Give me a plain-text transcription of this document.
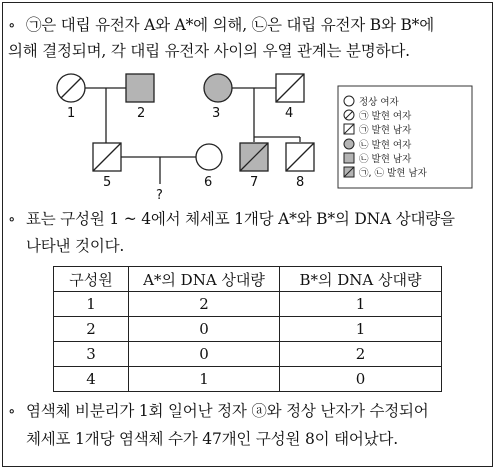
∘ ㉠은 대립 유전자 A와 A*에 의해, ㉡은 대립 유전자 B와 B*에
의해 결정되며, 각 대립 유전자 사이의 우열 관계는 분명하다.
1	2	3	4
5	6	7	8
?
정상 여자
㉠ 발현 여자
㉠ 발현 남자
㉡ 발현 여자
㉡ 발현 남자
㉠, ㉡ 발현 남자
∘ 표는 구성원 1 ~ 4에서 체세포 1개당 A*와 B*의 DNA 상대량을
나타낸 것이다.
구성원	A*의 DNA 상대량	B*의 DNA 상대량
1	2	1
2	0	1
3	0	2
4	1	0
∘ 염색체 비분리가 1회 일어난 정자 ⓐ와 정상 난자가 수정되어
체세포 1개당 염색체 수가 47개인 구성원 8이 태어났다.
